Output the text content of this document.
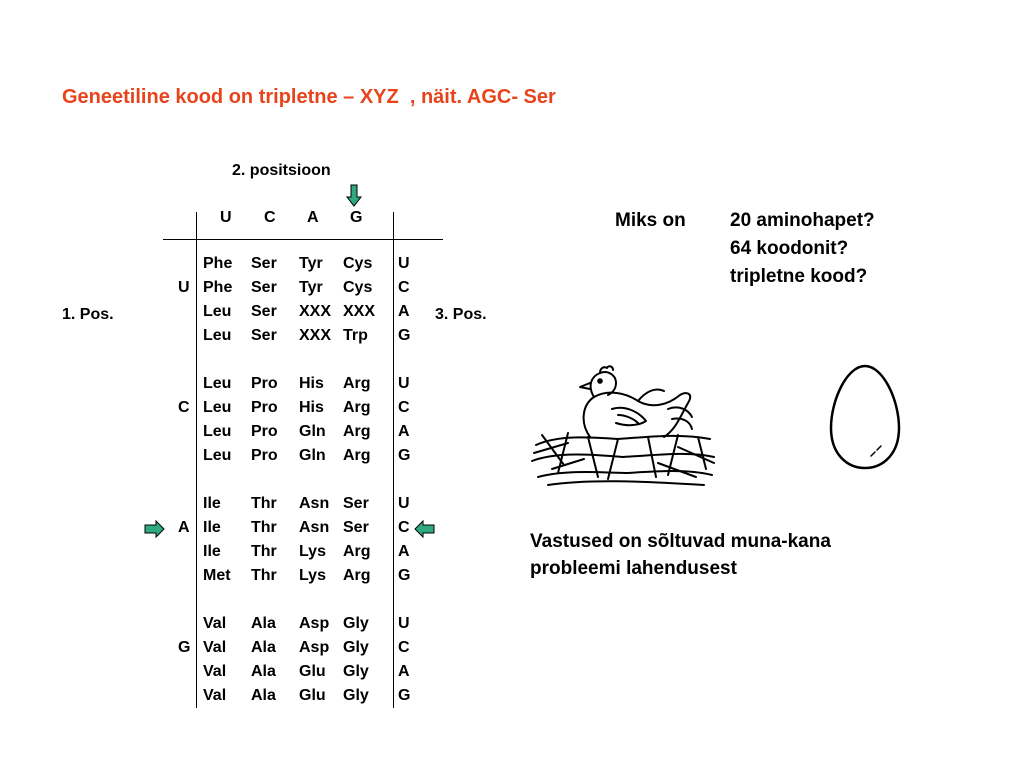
Geneetiline kood on tripletne – XYZ  , näit. AGC- Ser
2. positsioon
U C A G
1. Pos.	3. Pos.
U
Phe Ser Tyr Cys U
Phe Ser Tyr Cys C
Leu Ser XXX XXX A
Leu Ser XXX Trp G
C
Leu Pro His Arg U
Leu Pro His Arg C
Leu Pro Gln Arg A
Leu Pro Gln Arg G
A
Ile Thr Asn Ser U
Ile Thr Asn Ser C
Ile Thr Lys Arg A
Met Thr Lys Arg G
G
Val Ala Asp Gly U
Val Ala Asp Gly C
Val Ala Glu Gly A
Val Ala Glu Gly G
Miks on 20 aminohapet?
64 koodonit?
tripletne kood?
Vastused on sõltuvad muna-kana
probleemi lahendusest
